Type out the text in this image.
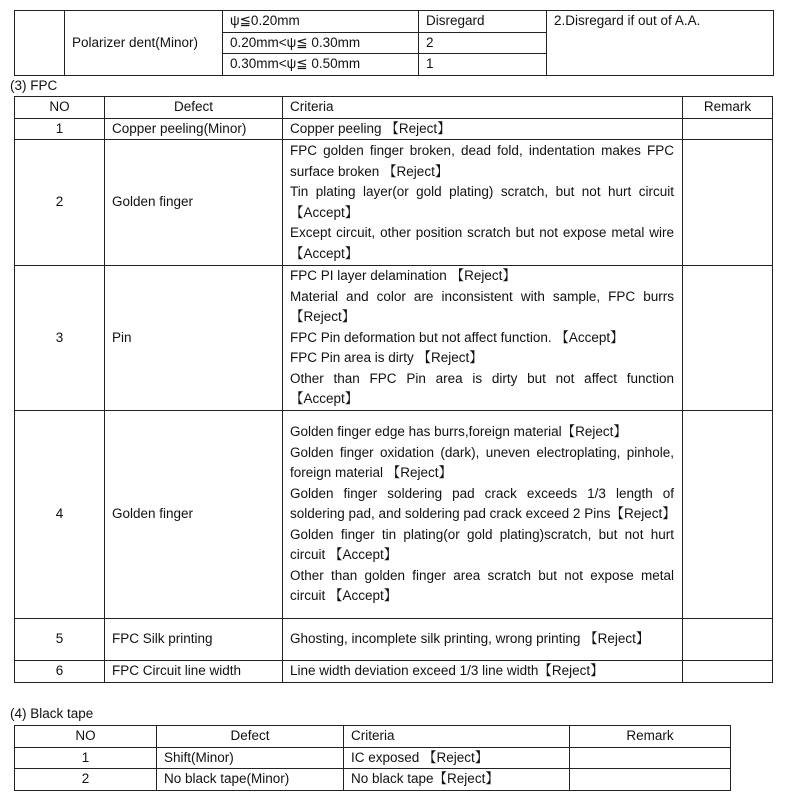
	Polarizer dent(Minor)	ψ≦0.20mm	Disregard	2.Disregard if out of A.A.
		0.20mm<ψ≦ 0.30mm	2	
		0.30mm<ψ≦ 0.50mm	1	
(3) FPC
NO	Defect	Criteria	Remark
1	Copper peeling(Minor)	Copper peeling 【Reject】	

2	Golden finger	FPC golden finger broken, dead fold, indentation makes FPC surface broken 【Reject】
Tin plating layer(or gold plating) scratch, but not hurt circuit 【Accept】
Except circuit, other position scratch but not expose metal wire 【Accept】	

3	Pin	FPC PI layer delamination 【Reject】
Material and color are inconsistent with sample, FPC burrs 【Reject】
FPC Pin deformation but not affect function. 【Accept】
FPC Pin area is dirty 【Reject】
Other than FPC Pin area is dirty but not affect function 【Accept】	

4	Golden finger	Golden finger edge has burrs,foreign material【Reject】
Golden finger oxidation (dark), uneven electroplating, pinhole, foreign material 【Reject】
Golden finger soldering pad crack exceeds 1/3 length of soldering pad, and soldering pad crack exceed 2 Pins【Reject】
Golden finger tin plating(or gold plating)scratch, but not hurt circuit 【Accept】
Other than golden finger area scratch but not expose metal circuit 【Accept】	

5	FPC Silk printing	Ghosting, incomplete silk printing, wrong printing 【Reject】	

6	FPC Circuit line width	Line width deviation exceed 1/3 line width【Reject】	

(4) Black tape
NO	Defect	Criteria	Remark
1	Shift(Minor)	IC exposed 【Reject】	
2	No black tape(Minor)	No black tape【Reject】	
